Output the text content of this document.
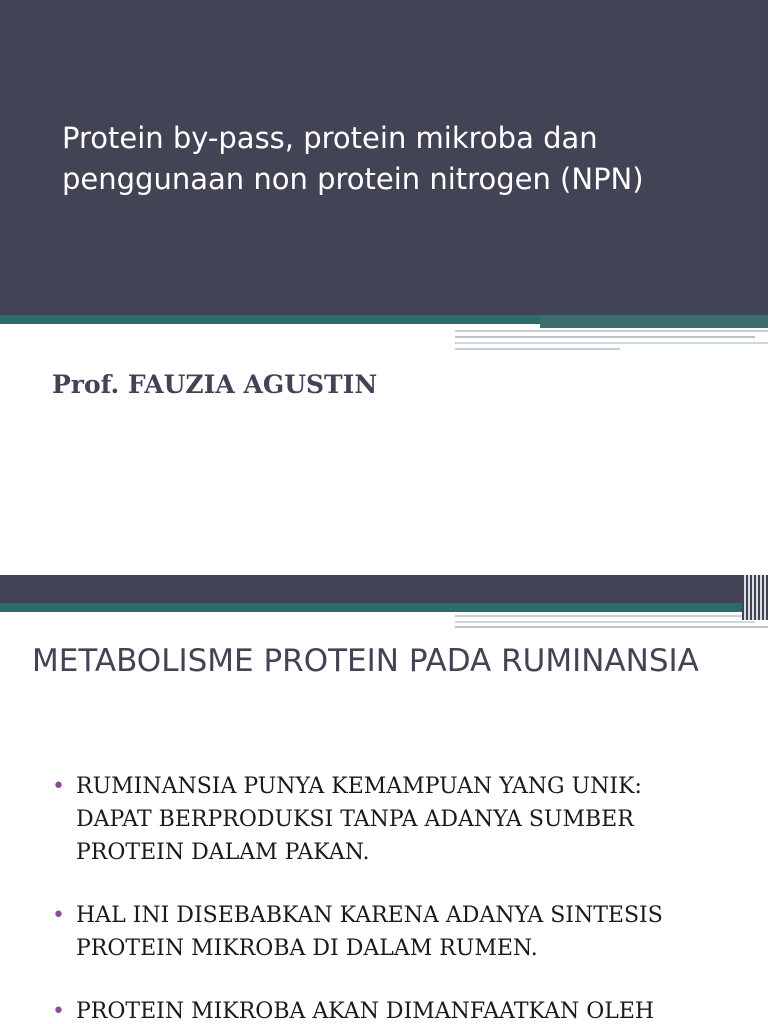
Protein by-pass, protein mikroba dan
penggunaan non protein nitrogen (NPN)

Prof. FAUZIA AGUSTIN

METABOLISME PROTEIN PADA RUMINANSIA
• RUMINANSIA PUNYA KEMAMPUAN YANG UNIK:
DAPAT BERPRODUKSI TANPA ADANYA SUMBER
PROTEIN DALAM PAKAN.
• HAL INI DISEBABKAN KARENA ADANYA SINTESIS
PROTEIN MIKROBA DI DALAM RUMEN.
• PROTEIN MIKROBA AKAN DIMANFAATKAN OLEH
